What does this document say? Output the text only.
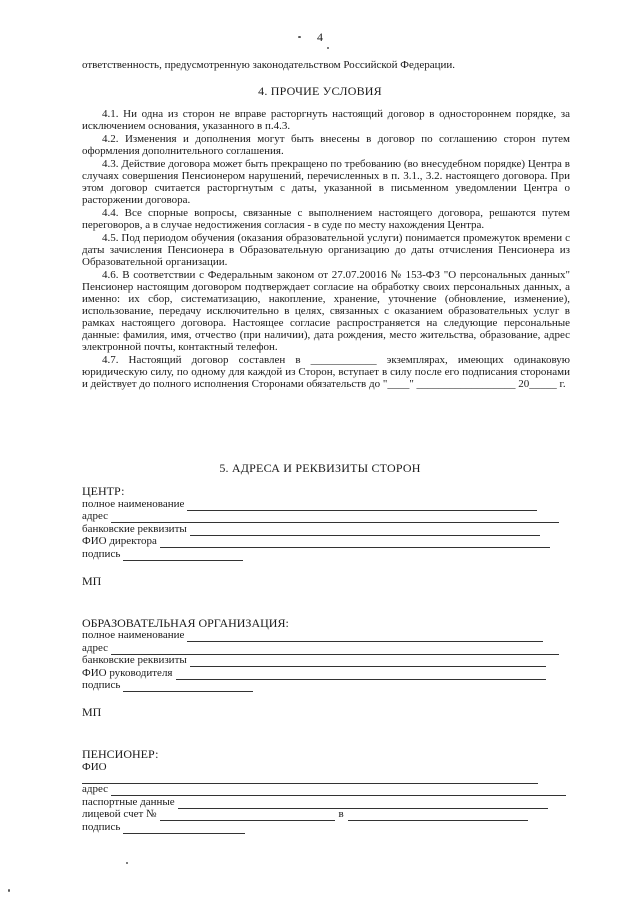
4

ответственность, предусмотренную законодательством Российской Федерации.

4. ПРОЧИЕ УСЛОВИЯ

4.1. Ни одна из сторон не вправе расторгнуть настоящий договор в одностороннем порядке, за исключением основания, указанного в п.4.3.

4.2. Изменения и дополнения могут быть внесены в договор по соглашению сторон путем оформления дополнительного соглашения.

4.3. Действие договора может быть прекращено по требованию (во внесудебном порядке) Центра в случаях совершения Пенсионером нарушений, перечисленных в п. 3.1., 3.2. настоящего договора. При этом договор считается расторгнутым с даты, указанной в письменном уведомлении Центра о расторжении договора.

4.4. Все спорные вопросы, связанные с выполнением настоящего договора, решаются путем переговоров, а в случае недостижения согласия - в суде по месту нахождения Центра.

4.5. Под периодом обучения (оказания образовательной услуги) понимается промежуток времени с даты зачисления Пенсионера в Образовательную организацию до даты отчисления Пенсионера из Образовательной организации.

4.6. В соответствии с Федеральным законом от 27.07.20016 № 153-ФЗ "О персональных данных" Пенсионер настоящим договором подтверждает согласие на обработку своих персональных данных, а именно: их сбор, систематизацию, накопление, хранение, уточнение (обновление, изменение), использование, передачу исключительно в целях, связанных с оказанием образовательных услуг в рамках настоящего договора. Настоящее согласие распространяется на следующие персональные данные: фамилия, имя, отчество (при наличии), дата рождения, место жительства, образование, адрес электронной почты, контактный телефон.

4.7. Настоящий договор составлен в ____________ экземплярах, имеющих одинаковую юридическую силу, по одному для каждой из Сторон, вступает в силу после его подписания сторонами и действует до полного исполнения Сторонами обязательств до "____" __________________ 20_____ г.

5. АДРЕСА И РЕКВИЗИТЫ СТОРОН
ЦЕНТР:
полное наименование
адрес
банковские реквизиты
ФИО директора
подпись
МП
ОБРАЗОВАТЕЛЬНАЯ ОРГАНИЗАЦИЯ:
полное наименование
адрес
банковские реквизиты
ФИО руководителя
подпись
МП
ПЕНСИОНЕР:
ФИО
адрес
паспортные данные
лицевой счет №	в
подпись
